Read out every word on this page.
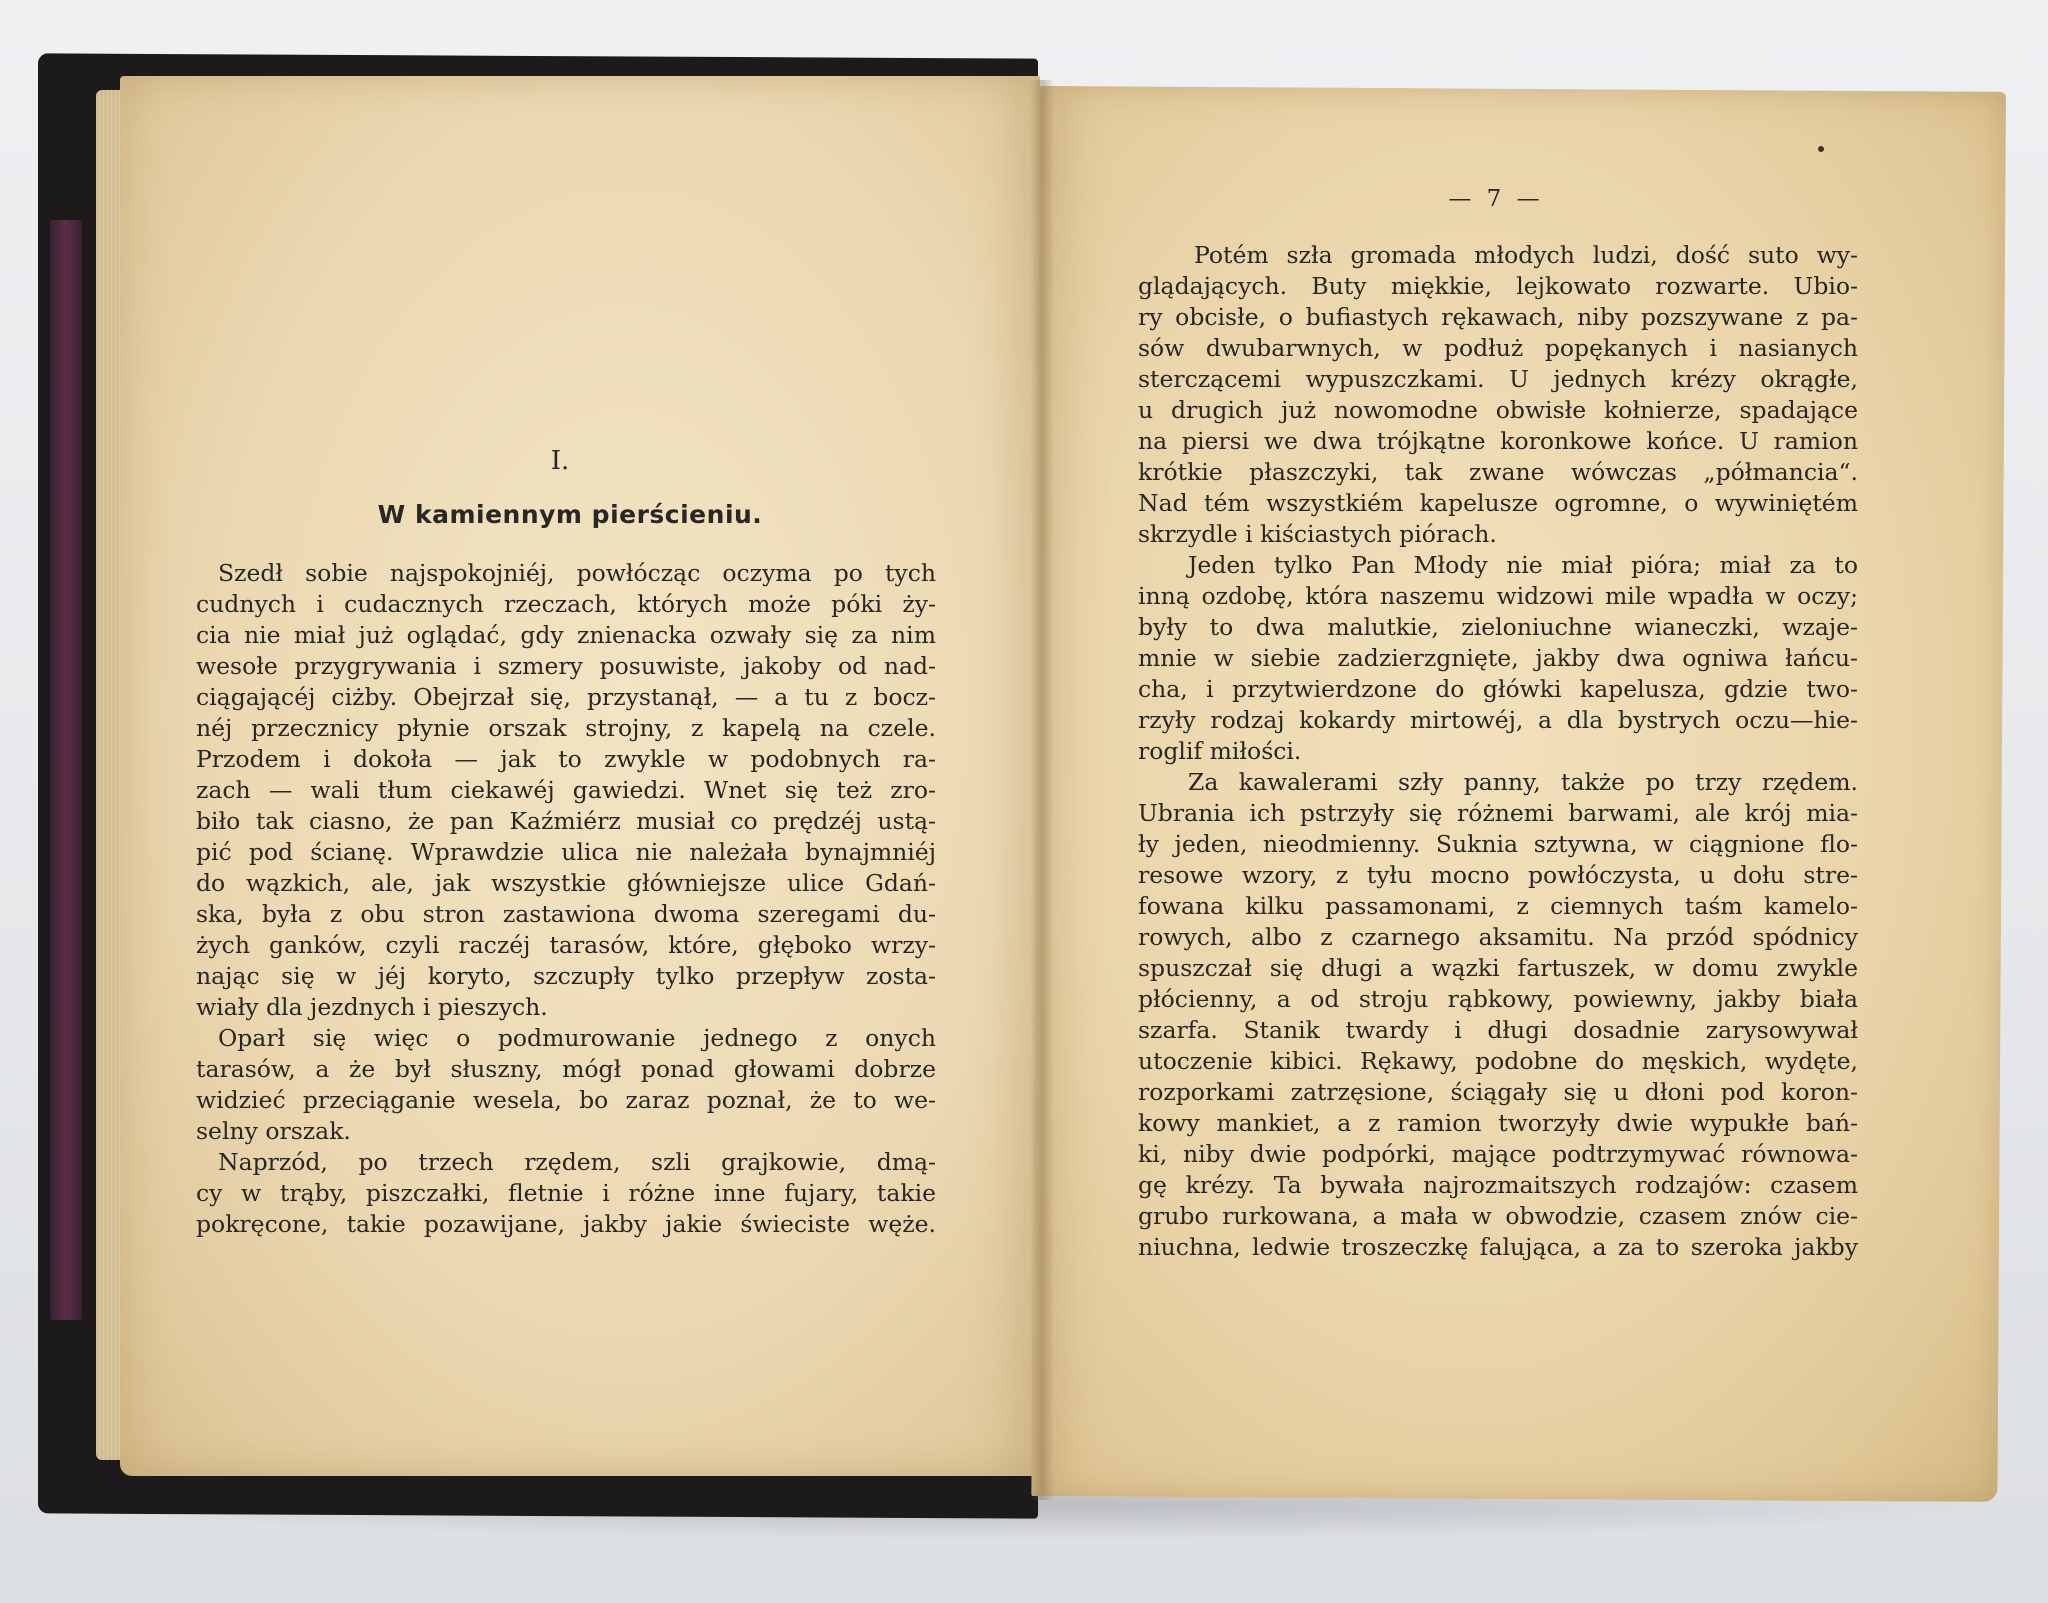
I.
W kamiennym pierścieniu.
Szedł sobie najspokojniéj, powłócząc oczyma po tych
cudnych i cudacznych rzeczach, których może póki ży-
cia nie miał już oglądać, gdy znienacka ozwały się za nim
wesołe przygrywania i szmery posuwiste, jakoby od nad-
ciągającéj ciżby. Obejrzał się, przystanął, — a tu z bocz-
néj przecznicy płynie orszak strojny, z kapelą na czele.
Przodem i dokoła — jak to zwykle w podobnych ra-
zach — wali tłum ciekawéj gawiedzi. Wnet się też zro-
biło tak ciasno, że pan Kaźmiérz musiał co prędzéj ustą-
pić pod ścianę. Wprawdzie ulica nie należała bynajmniéj
do wązkich, ale, jak wszystkie główniejsze ulice Gdań-
ska, była z obu stron zastawiona dwoma szeregami du-
żych ganków, czyli raczéj tarasów, które, głęboko wrzy-
nając się w jéj koryto, szczupły tylko przepływ zosta-
wiały dla jezdnych i pieszych.
Oparł się więc o podmurowanie jednego z onych
tarasów, a że był słuszny, mógł ponad głowami dobrze
widzieć przeciąganie wesela, bo zaraz poznał, że to we-
selny orszak.
Naprzód, po trzech rzędem, szli grajkowie, dmą-
cy w trąby, piszczałki, fletnie i różne inne fujary, takie
pokręcone, takie pozawijane, jakby jakie świeciste węże.
— 7 —
Potém szła gromada młodych ludzi, dość suto wy-
glądających. Buty miękkie, lejkowato rozwarte. Ubio-
ry obcisłe, o bufiastych rękawach, niby pozszywane z pa-
sów dwubarwnych, w podłuż popękanych i nasianych
sterczącemi wypuszczkami. U jednych krézy okrągłe,
u drugich już nowomodne obwisłe kołnierze, spadające
na piersi we dwa trójkątne koronkowe końce. U ramion
krótkie płaszczyki, tak zwane wówczas „półmancia“.
Nad tém wszystkiém kapelusze ogromne, o wywiniętém
skrzydle i kiściastych piórach.
Jeden tylko Pan Młody nie miał pióra; miał za to
inną ozdobę, która naszemu widzowi mile wpadła w oczy;
były to dwa malutkie, zieloniuchne wianeczki, wzaje-
mnie w siebie zadzierzgnięte, jakby dwa ogniwa łańcu-
cha, i przytwierdzone do główki kapelusza, gdzie two-
rzyły rodzaj kokardy mirtowéj, a dla bystrych oczu—hie-
roglif miłości.
Za kawalerami szły panny, także po trzy rzędem.
Ubrania ich pstrzyły się różnemi barwami, ale krój mia-
ły jeden, nieodmienny. Suknia sztywna, w ciągnione flo-
resowe wzory, z tyłu mocno powłóczysta, u dołu stre-
fowana kilku passamonami, z ciemnych taśm kamelo-
rowych, albo z czarnego aksamitu. Na przód spódnicy
spuszczał się długi a wązki fartuszek, w domu zwykle
płócienny, a od stroju rąbkowy, powiewny, jakby biała
szarfa. Stanik twardy i długi dosadnie zarysowywał
utoczenie kibici. Rękawy, podobne do męskich, wydęte,
rozporkami zatrzęsione, ściągały się u dłoni pod koron-
kowy mankiet, a z ramion tworzyły dwie wypukłe bań-
ki, niby dwie podpórki, mające podtrzymywać równowa-
gę krézy. Ta bywała najrozmaitszych rodzajów: czasem
grubo rurkowana, a mała w obwodzie, czasem znów cie-
niuchna, ledwie troszeczkę falująca, a za to szeroka jakby
